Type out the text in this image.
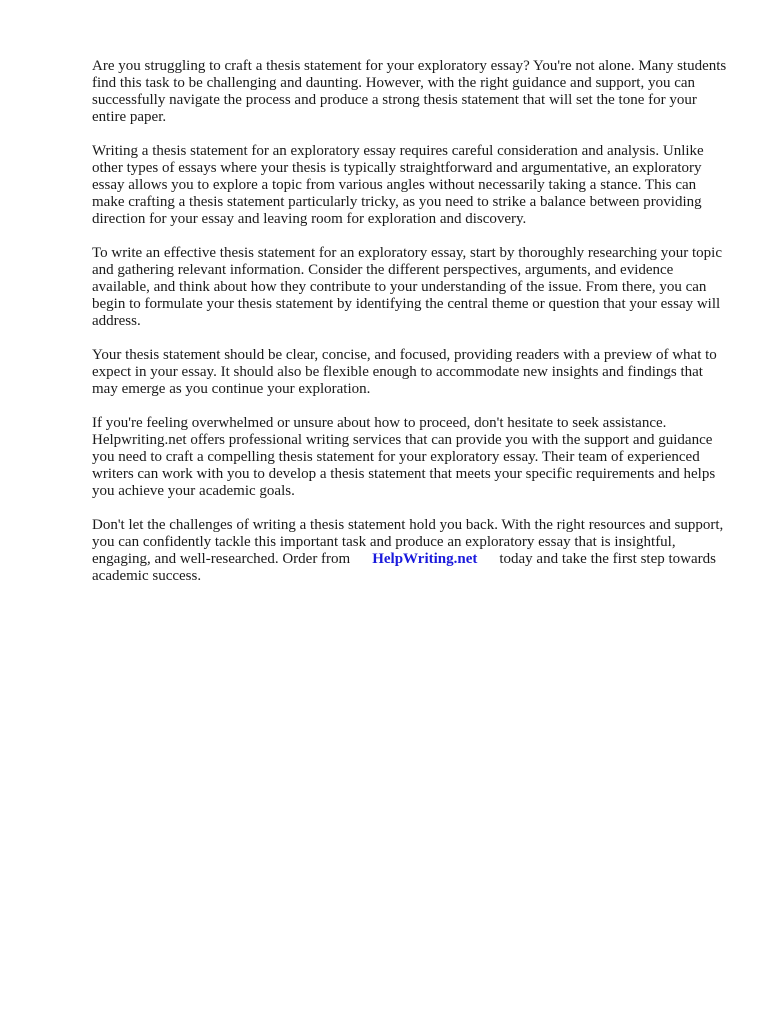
Are you struggling to craft a thesis statement for your exploratory essay? You're not alone. Many students find this task to be challenging and daunting. However, with the right guidance and support, you can successfully navigate the process and produce a strong thesis statement that will set the tone for your entire paper.

Writing a thesis statement for an exploratory essay requires careful consideration and analysis. Unlike other types of essays where your thesis is typically straightforward and argumentative, an exploratory essay allows you to explore a topic from various angles without necessarily taking a stance. This can make crafting a thesis statement particularly tricky, as you need to strike a balance between providing direction for your essay and leaving room for exploration and discovery.

To write an effective thesis statement for an exploratory essay, start by thoroughly researching your topic and gathering relevant information. Consider the different perspectives, arguments, and evidence available, and think about how they contribute to your understanding of the issue. From there, you can begin to formulate your thesis statement by identifying the central theme or question that your essay will address.

Your thesis statement should be clear, concise, and focused, providing readers with a preview of what to expect in your essay. It should also be flexible enough to accommodate new insights and findings that may emerge as you continue your exploration.

If you're feeling overwhelmed or unsure about how to proceed, don't hesitate to seek assistance. Helpwriting.net offers professional writing services that can provide you with the support and guidance you need to craft a compelling thesis statement for your exploratory essay. Their team of experienced writers can work with you to develop a thesis statement that meets your specific requirements and helps you achieve your academic goals.

Don't let the challenges of writing a thesis statement hold you back. With the right resources and support, you can confidently tackle this important task and produce an exploratory essay that is insightful, engaging, and well-researched. Order from HelpWriting.net today and take the first step towards academic success.
